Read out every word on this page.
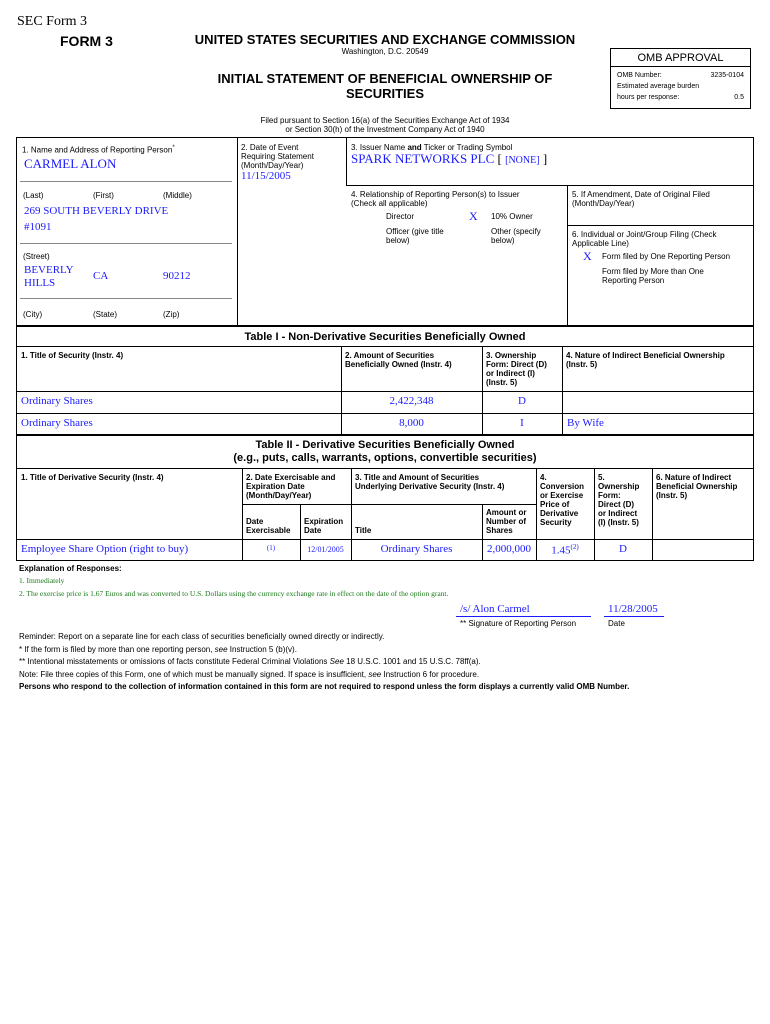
SEC Form 3
FORM 3	UNITED STATES SECURITIES AND EXCHANGE COMMISSION
Washington, D.C. 20549
INITIAL STATEMENT OF BENEFICIAL OWNERSHIP OF
SECURITIES
OMB APPROVAL
OMB Number:	3235-0104
Estimated average burden
hours per response:	0.5
Filed pursuant to Section 16(a) of the Securities Exchange Act of 1934
or Section 30(h) of the Investment Company Act of 1940
1. Name and Address of Reporting Person*
CARMEL ALON
(Last)	(First)	(Middle)
269 SOUTH BEVERLY DRIVE
#1091
(Street)
BEVERLY
HILLS
CA	90212
(City)	(State)	(Zip)
2. Date of Event
Requiring Statement
(Month/Day/Year)
11/15/2005
3. Issuer Name and Ticker or Trading Symbol
SPARK NETWORKS PLC [ [NONE] ]
4. Relationship of Reporting Person(s) to Issuer
(Check all applicable)
Director	X 10% Owner
Officer (give title
below)
Other (specify
below)
5. If Amendment, Date of Original Filed
(Month/Day/Year)
6. Individual or Joint/Group Filing (Check
Applicable Line)
X Form filed by One Reporting Person
Form filed by More than One
Reporting Person
Table I - Non-Derivative Securities Beneficially Owned
1. Title of Security (Instr. 4)	2. Amount of Securities
Beneficially Owned (Instr. 4)
3. Ownership
Form: Direct (D)
or Indirect (I)
(Instr. 5)
4. Nature of Indirect Beneficial Ownership
(Instr. 5)
Ordinary Shares	2,422,348	D
Ordinary Shares	8,000	I	By Wife
Table II - Derivative Securities Beneficially Owned
(e.g., puts, calls, warrants, options, convertible securities)
1. Title of Derivative Security (Instr. 4)	2. Date Exercisable and
Expiration Date
(Month/Day/Year)
3. Title and Amount of Securities
Underlying Derivative Security (Instr. 4)
4.
Conversion
or Exercise
Price of
Derivative
Security
5.
Ownership
Form:
Direct (D)
or Indirect
(I) (Instr. 5)
6. Nature of Indirect
Beneficial Ownership
(Instr. 5)
Date
Exercisable
Expiration
Date	Title
Amount or
Number of
Shares
Employee Share Option (right to buy)	(1)	12/01/2005	Ordinary Shares	2,000,000	1.45$^{(2)}$	D
Explanation of Responses:
1. Immediately
2. The exercise price is 1.67 Euros and was converted to U.S. Dollars using the currency exchange rate in effect on the date of the option grant.
/s/ Alon Carmel	11/28/2005
** Signature of Reporting Person	Date
Reminder: Report on a separate line for each class of securities beneficially owned directly or indirectly.
* If the form is filed by more than one reporting person, see Instruction 5 (b)(v).
** Intentional misstatements or omissions of facts constitute Federal Criminal Violations See 18 U.S.C. 1001 and 15 U.S.C. 78ff(a).
Note: File three copies of this Form, one of which must be manually signed. If space is insufficient, see Instruction 6 for procedure.
Persons who respond to the collection of information contained in this form are not required to respond unless the form displays a currently valid OMB Number.
